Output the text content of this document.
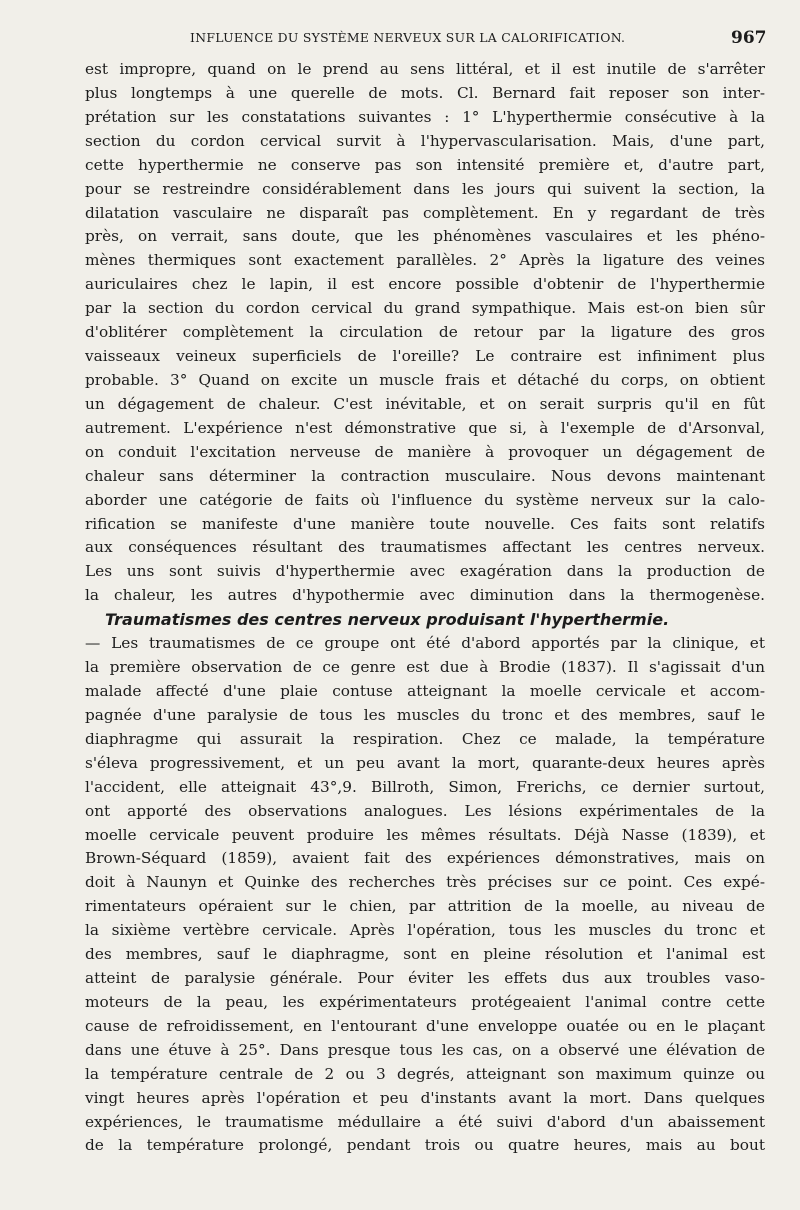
INFLUENCE DU SYSTÈME NERVEUX SUR LA CALORIFICATION.	967
est impropre, quand on le prend au sens littéral, et il est inutile de s'arrêter
plus longtemps à une querelle de mots. Cl. Bernard fait reposer son inter-
prétation sur les constatations suivantes : 1° L'hyperthermie consécutive à la
section du cordon cervical survit à l'hypervascularisation. Mais, d'une part,
cette hyperthermie ne conserve pas son intensité première et, d'autre part,
pour se restreindre considérablement dans les jours qui suivent la section, la
dilatation vasculaire ne disparaît pas complètement. En y regardant de très
près, on verrait, sans doute, que les phénomènes vasculaires et les phéno-
mènes thermiques sont exactement parallèles. 2° Après la ligature des veines
auriculaires chez le lapin, il est encore possible d'obtenir de l'hyperthermie
par la section du cordon cervical du grand sympathique. Mais est-on bien sûr
d'oblitérer complètement la circulation de retour par la ligature des gros
vaisseaux veineux superficiels de l'oreille? Le contraire est infiniment plus
probable. 3° Quand on excite un muscle frais et détaché du corps, on obtient
un dégagement de chaleur. C'est inévitable, et on serait surpris qu'il en fût
autrement. L'expérience n'est démonstrative que si, à l'exemple de d'Arsonval,
on conduit l'excitation nerveuse de manière à provoquer un dégagement de
chaleur sans déterminer la contraction musculaire. Nous devons maintenant
aborder une catégorie de faits où l'influence du système nerveux sur la calo-
rification se manifeste d'une manière toute nouvelle. Ces faits sont relatifs
aux conséquences résultant des traumatismes affectant les centres nerveux.
Les uns sont suivis d'hyperthermie avec exagération dans la production de
la chaleur, les autres d'hypothermie avec diminution dans la thermogenèse.
Traumatismes des centres nerveux produisant l'hyperthermie.
— Les traumatismes de ce groupe ont été d'abord apportés par la clinique, et
la première observation de ce genre est due à Brodie (1837). Il s'agissait d'un
malade affecté d'une plaie contuse atteignant la moelle cervicale et accom-
pagnée d'une paralysie de tous les muscles du tronc et des membres, sauf le
diaphragme qui assurait la respiration. Chez ce malade, la température
s'éleva progressivement, et un peu avant la mort, quarante-deux heures après
l'accident, elle atteignait 43°,9. Billroth, Simon, Frerichs, ce dernier surtout,
ont apporté des observations analogues. Les lésions expérimentales de la
moelle cervicale peuvent produire les mêmes résultats. Déjà Nasse (1839), et
Brown-Séquard (1859), avaient fait des expériences démonstratives, mais on
doit à Naunyn et Quinke des recherches très précises sur ce point. Ces expé-
rimentateurs opéraient sur le chien, par attrition de la moelle, au niveau de
la sixième vertèbre cervicale. Après l'opération, tous les muscles du tronc et
des membres, sauf le diaphragme, sont en pleine résolution et l'animal est
atteint de paralysie générale. Pour éviter les effets dus aux troubles vaso-
moteurs de la peau, les expérimentateurs protégeaient l'animal contre cette
cause de refroidissement, en l'entourant d'une enveloppe ouatée ou en le plaçant
dans une étuve à 25°. Dans presque tous les cas, on a observé une élévation de
la température centrale de 2 ou 3 degrés, atteignant son maximum quinze ou
vingt heures après l'opération et peu d'instants avant la mort. Dans quelques
expériences, le traumatisme médullaire a été suivi d'abord d'un abaissement
de la température prolongé, pendant trois ou quatre heures, mais au bout
